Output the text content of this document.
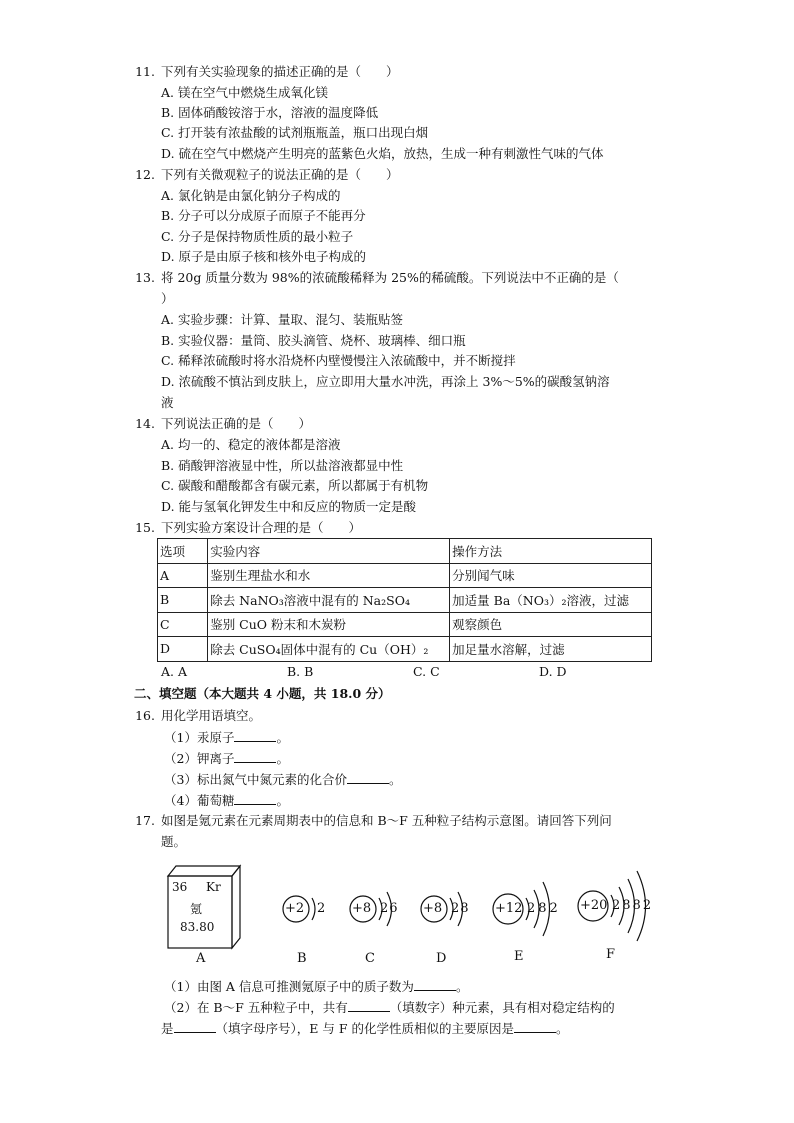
11. 下列有关实验现象的描述正确的是（　　）
A. 镁在空气中燃烧生成氧化镁
B. 固体硝酸铵溶于水，溶液的温度降低
C. 打开装有浓盐酸的试剂瓶瓶盖，瓶口出现白烟
D. 硫在空气中燃烧产生明亮的蓝紫色火焰，放热，生成一种有刺激性气味的气体
12. 下列有关微观粒子的说法正确的是（　　）
A. 氯化钠是由氯化钠分子构成的
B. 分子可以分成原子而原子不能再分
C. 分子是保持物质性质的最小粒子
D. 原子是由原子核和核外电子构成的
13. 将 20g 质量分数为 98%的浓硫酸稀释为 25%的稀硫酸。下列说法中不正确的是（
）
A. 实验步骤：计算、量取、混匀、装瓶贴签
B. 实验仪器：量筒、胶头滴管、烧杯、玻璃棒、细口瓶
C. 稀释浓硫酸时将水沿烧杯内壁慢慢注入浓硫酸中，并不断搅拌
D. 浓硫酸不慎沾到皮肤上，应立即用大量水冲洗，再涂上 3%～5%的碳酸氢钠溶
液
14. 下列说法正确的是（　　）
A. 均一的、稳定的液体都是溶液
B. 硝酸钾溶液显中性，所以盐溶液都显中性
C. 碳酸和醋酸都含有碳元素，所以都属于有机物
D. 能与氢氧化钾发生中和反应的物质一定是酸
15. 下列实验方案设计合理的是（　　）
选项	实验内容	操作方法
A	鉴别生理盐水和水	分别闻气味
B	除去 NaNO₃溶液中混有的 Na₂SO₄	加适量 Ba（NO₃）₂溶液，过滤
C	鉴别 CuO 粉末和木炭粉	观察颜色
D	除去 CuSO₄固体中混有的 Cu（OH）₂	加足量水溶解，过滤
A. A	B. B	C. C	D. D
二、填空题（本大题共 4 小题，共 18.0 分）
16. 用化学用语填空。
（1）汞原子	。
（2）钾离子	。
（3）标出氮气中氮元素的化合价	。
（4）葡萄糖	。
17. 如图是氪元素在元素周期表中的信息和 B～F 五种粒子结构示意图。请回答下列问
题。
36 Kr
氪
83.80
+2 2 +8 26 +8 28 +12 282 +20 2882
A	B	C	D	E	F
（1）由图 A 信息可推测氪原子中的质子数为	。
（2）在 B～F 五种粒子中，共有	（填数字）种元素，具有相对稳定结构的
是	（填字母序号），E 与 F 的化学性质相似的主要原因是	。
